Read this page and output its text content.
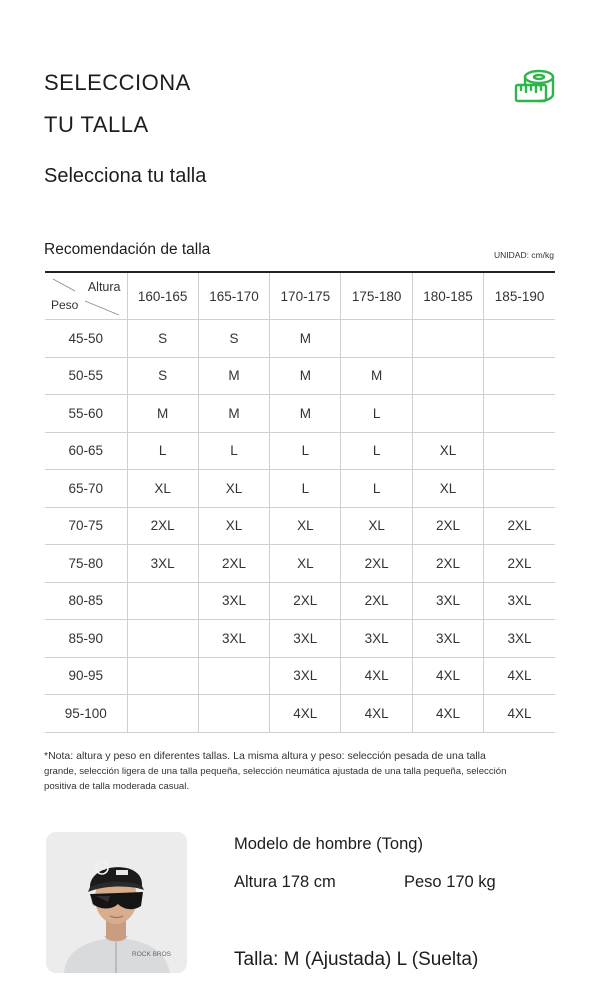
SELECCIONA
TU TALLA
Selecciona tu talla
Recomendación de talla	UNIDAD: cm/kg
Altura
Peso	160-165	165-170	170-175	175-180	180-185	185-190
45-50	S	S	M			
50-55	S	M	M	M		
55-60	M	M	M	L		
60-65	L	L	L	L	XL	
65-70	XL	XL	L	L	XL	
70-75	2XL	XL	XL	XL	2XL	2XL
75-80	3XL	2XL	XL	2XL	2XL	2XL
80-85		3XL	2XL	2XL	3XL	3XL
85-90		3XL	3XL	3XL	3XL	3XL
90-95			3XL	4XL	4XL	4XL
95-100			4XL	4XL	4XL	4XL
*Nota: altura y peso en diferentes tallas. La misma altura y peso: selección pesada de una talla
grande, selección ligera de una talla pequeña, selección neumática ajustada de una talla pequeña, selección
positiva de talla moderada casual.
ROCK BROS
Modelo de hombre (Tong)
Altura 178 cm	Peso 170 kg
Talla: M (Ajustada) L (Suelta)
